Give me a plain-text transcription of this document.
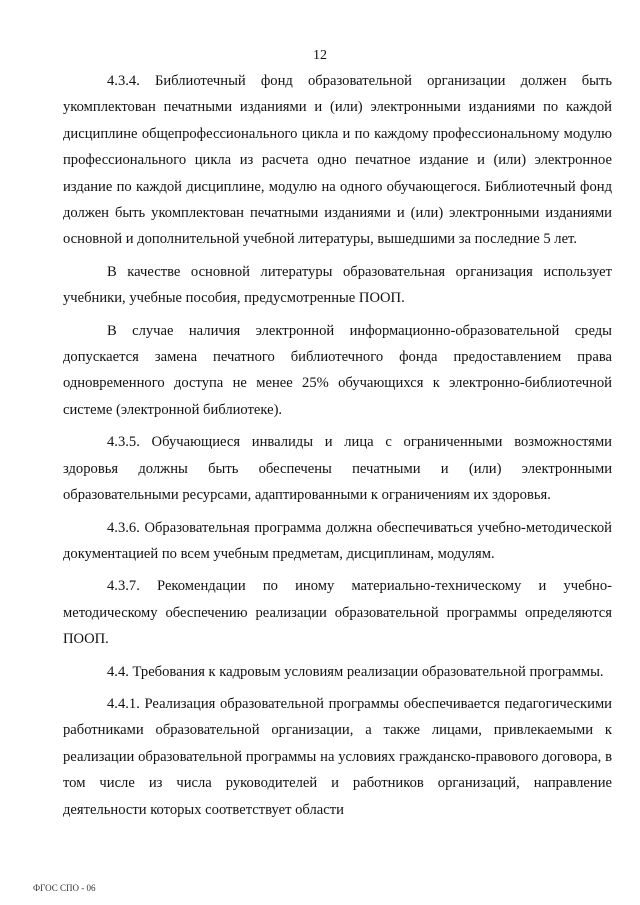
12

4.3.4. Библиотечный фонд образовательной организации должен быть укомплектован печатными изданиями и (или) электронными изданиями по каждой дисциплине общепрофессионального цикла и по каждому профессиональному модулю профессионального цикла из расчета одно печатное издание и (или) электронное издание по каждой дисциплине, модулю на одного обучающегося. Библиотечный фонд должен быть укомплектован печатными изданиями и (или) электронными изданиями основной и дополнительной учебной литературы, вышедшими за последние 5 лет.

В качестве основной литературы образовательная организация использует учебники, учебные пособия, предусмотренные ПООП.

В случае наличия электронной информационно-образовательной среды допускается замена печатного библиотечного фонда предоставлением права одновременного доступа не менее 25% обучающихся к электронно-библиотечной системе (электронной библиотеке).

4.3.5. Обучающиеся инвалиды и лица с ограниченными возможностями здоровья должны быть обеспечены печатными и (или) электронными образовательными ресурсами, адаптированными к ограничениям их здоровья.

4.3.6. Образовательная программа должна обеспечиваться учебно-методической документацией по всем учебным предметам, дисциплинам, модулям.

4.3.7. Рекомендации по иному материально-техническому и учебно-методическому обеспечению реализации образовательной программы определяются ПООП.

4.4. Требования к кадровым условиям реализации образовательной программы.

4.4.1. Реализация образовательной программы обеспечивается педагогическими работниками образовательной организации, а также лицами, привлекаемыми к реализации образовательной программы на условиях гражданско-правового договора, в том числе из числа руководителей и работников организаций, направление деятельности которых соответствует области

ФГОС СПО - 06
